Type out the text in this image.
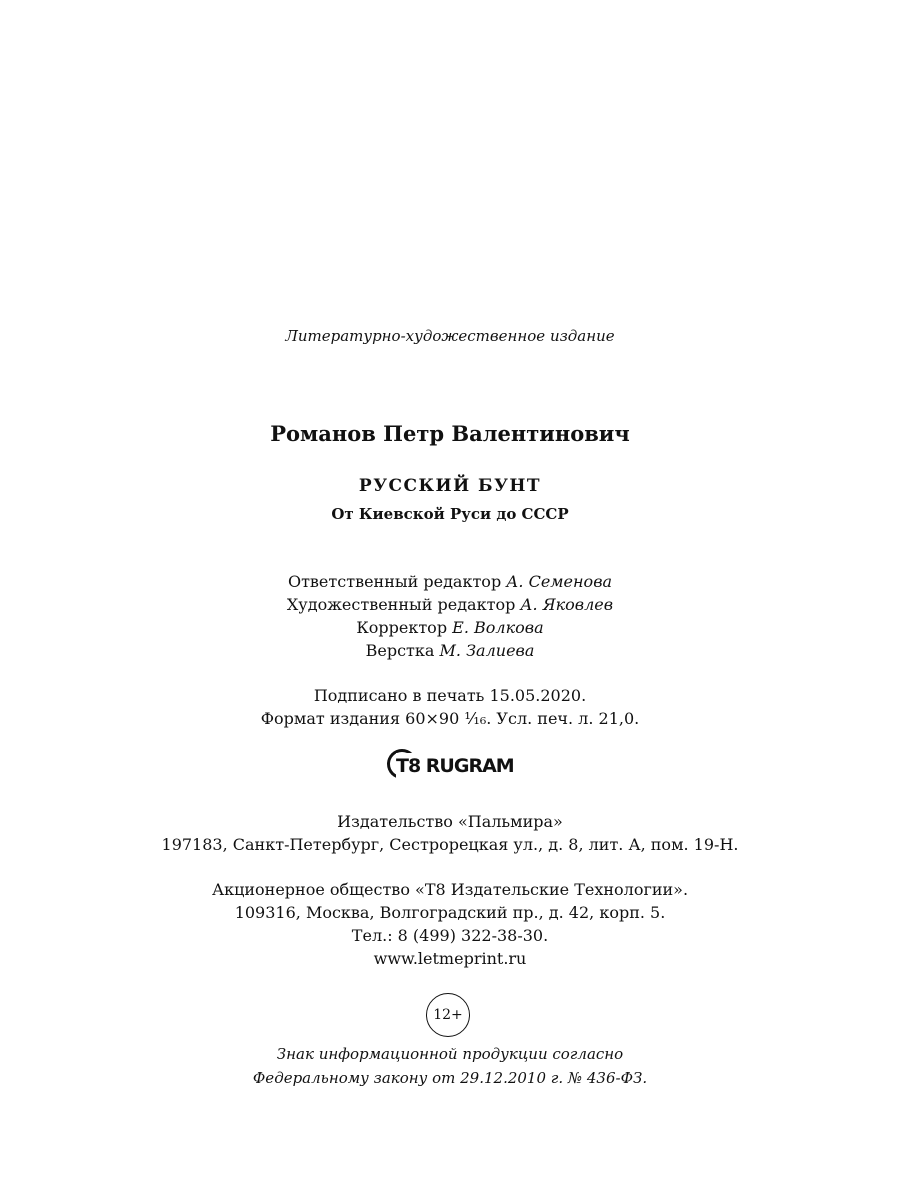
Литературно-художественное издание
Романов Петр Валентинович
РУССКИЙ БУНТ
От Киевской Руси до СССР
Ответственный редактор А. Семенова
Художественный редактор А. Яковлев
Корректор Е. Волкова
Верстка М. Залиева
Подписано в печать 15.05.2020.
Формат издания 60×90 ¹⁄₁₆. Усл. печ. л. 21,0.
T8 RUGRAM
Издательство «Пальмира»
197183, Санкт-Петербург, Сестрорецкая ул., д. 8, лит. А, пом. 19-Н.
Акционерное общество «Т8 Издательские Технологии».
109316, Москва, Волгоградский пр., д. 42, корп. 5.
Тел.: 8 (499) 322-38-30.
www.letmeprint.ru
12+
Знак информационной продукции согласно
Федеральному закону от 29.12.2010 г. № 436-ФЗ.
